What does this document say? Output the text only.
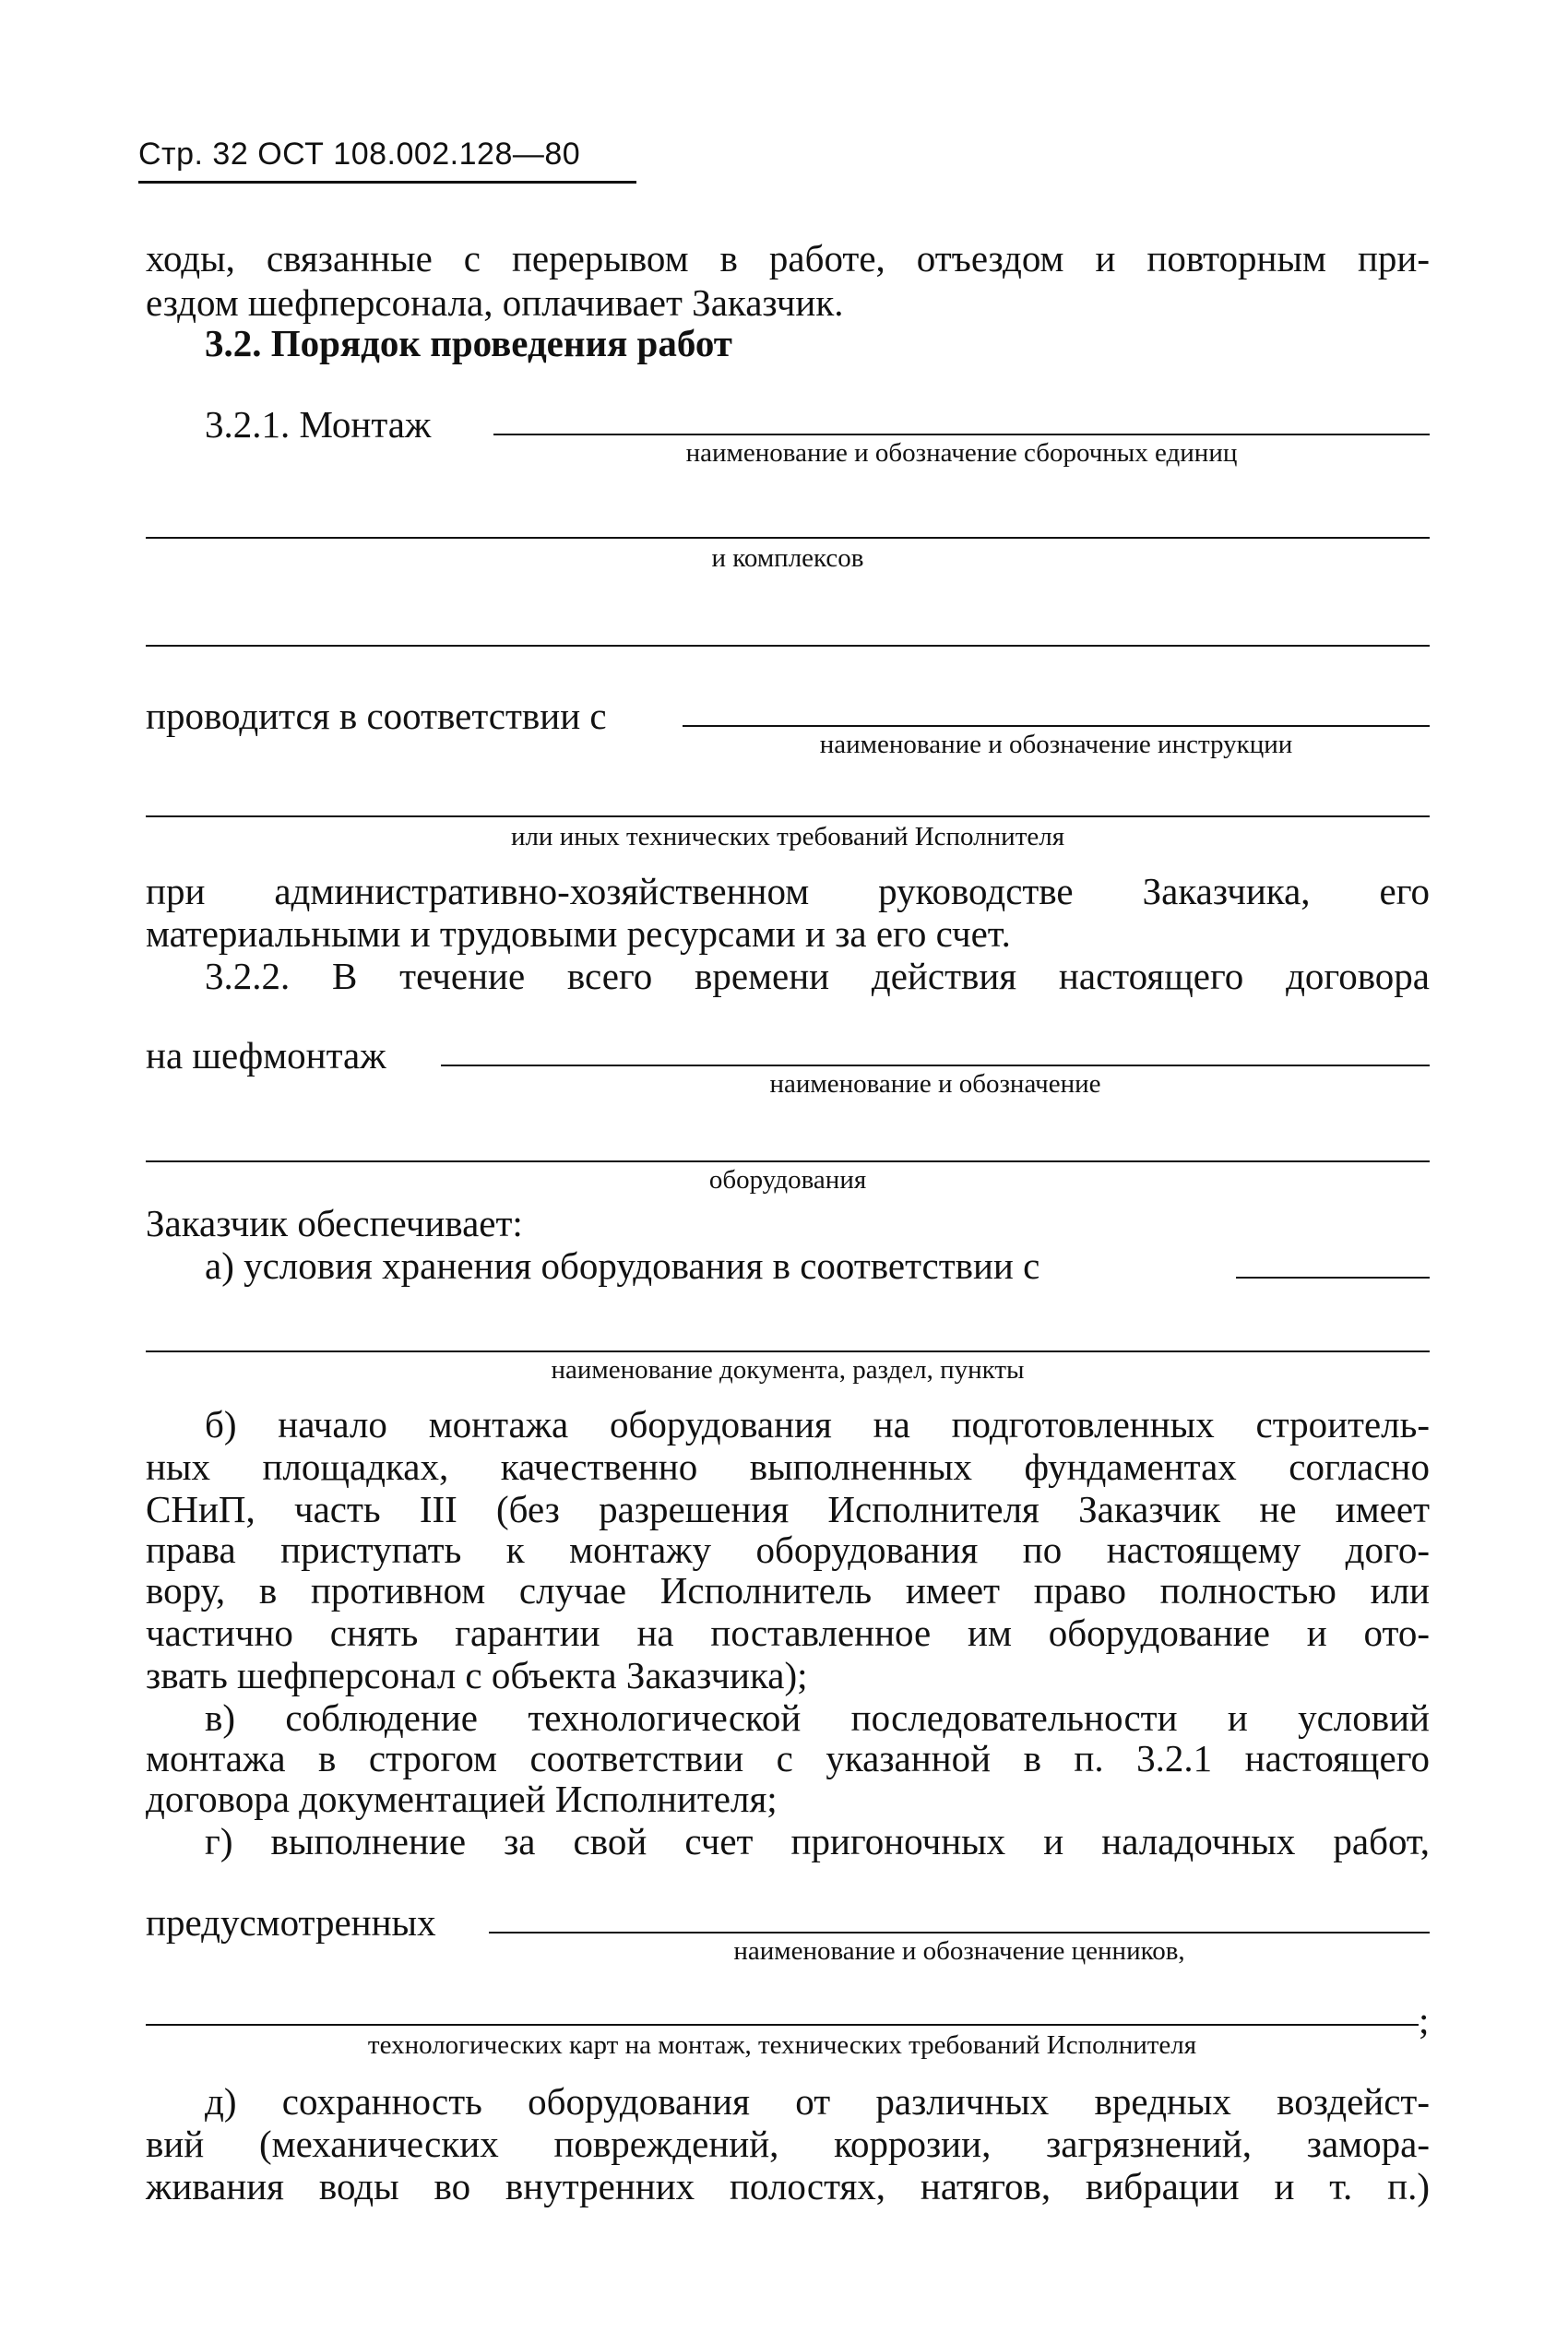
Стр. 32 ОСТ 108.002.128—80
ходы, связанные с перерывом в работе, отъездом и повторным при-
ездом шефперсонала, оплачивает Заказчик.
3.2. Порядок проведения работ
3.2.1. Монтаж
наименование и обозначение сборочных единиц
и комплексов
проводится в соответствии с
наименование и обозначение инструкции
или иных технических требований Исполнителя
при административно-хозяйственном руководстве Заказчика, его
материальными и трудовыми ресурсами и за его счет.
3.2.2. В течение всего времени действия настоящего договора
на шефмонтаж
наименование и обозначение
оборудования
Заказчик обеспечивает:
а) условия хранения оборудования в соответствии с
наименование документа, раздел, пункты
б) начало монтажа оборудования на подготовленных строитель-
ных площадках, качественно выполненных фундаментах согласно
СНиП, часть III (без разрешения Исполнителя Заказчик не имеет
права приступать к монтажу оборудования по настоящему дого-
вору, в противном случае Исполнитель имеет право полностью или
частично снять гарантии на поставленное им оборудование и ото-
звать шефперсонал с объекта Заказчика);
в) соблюдение технологической последовательности и условий
монтажа в строгом соответствии с указанной в п. 3.2.1 настоящего
договора документацией Исполнителя;
г) выполнение за свой счет пригоночных и наладочных работ,
предусмотренных
наименование и обозначение ценников,
;
технологических карт на монтаж, технических требований Исполнителя
д) сохранность оборудования от различных вредных воздейст-
вий (механических повреждений, коррозии, загрязнений, замора-
живания воды во внутренних полостях, натягов, вибрации и т. п.)
